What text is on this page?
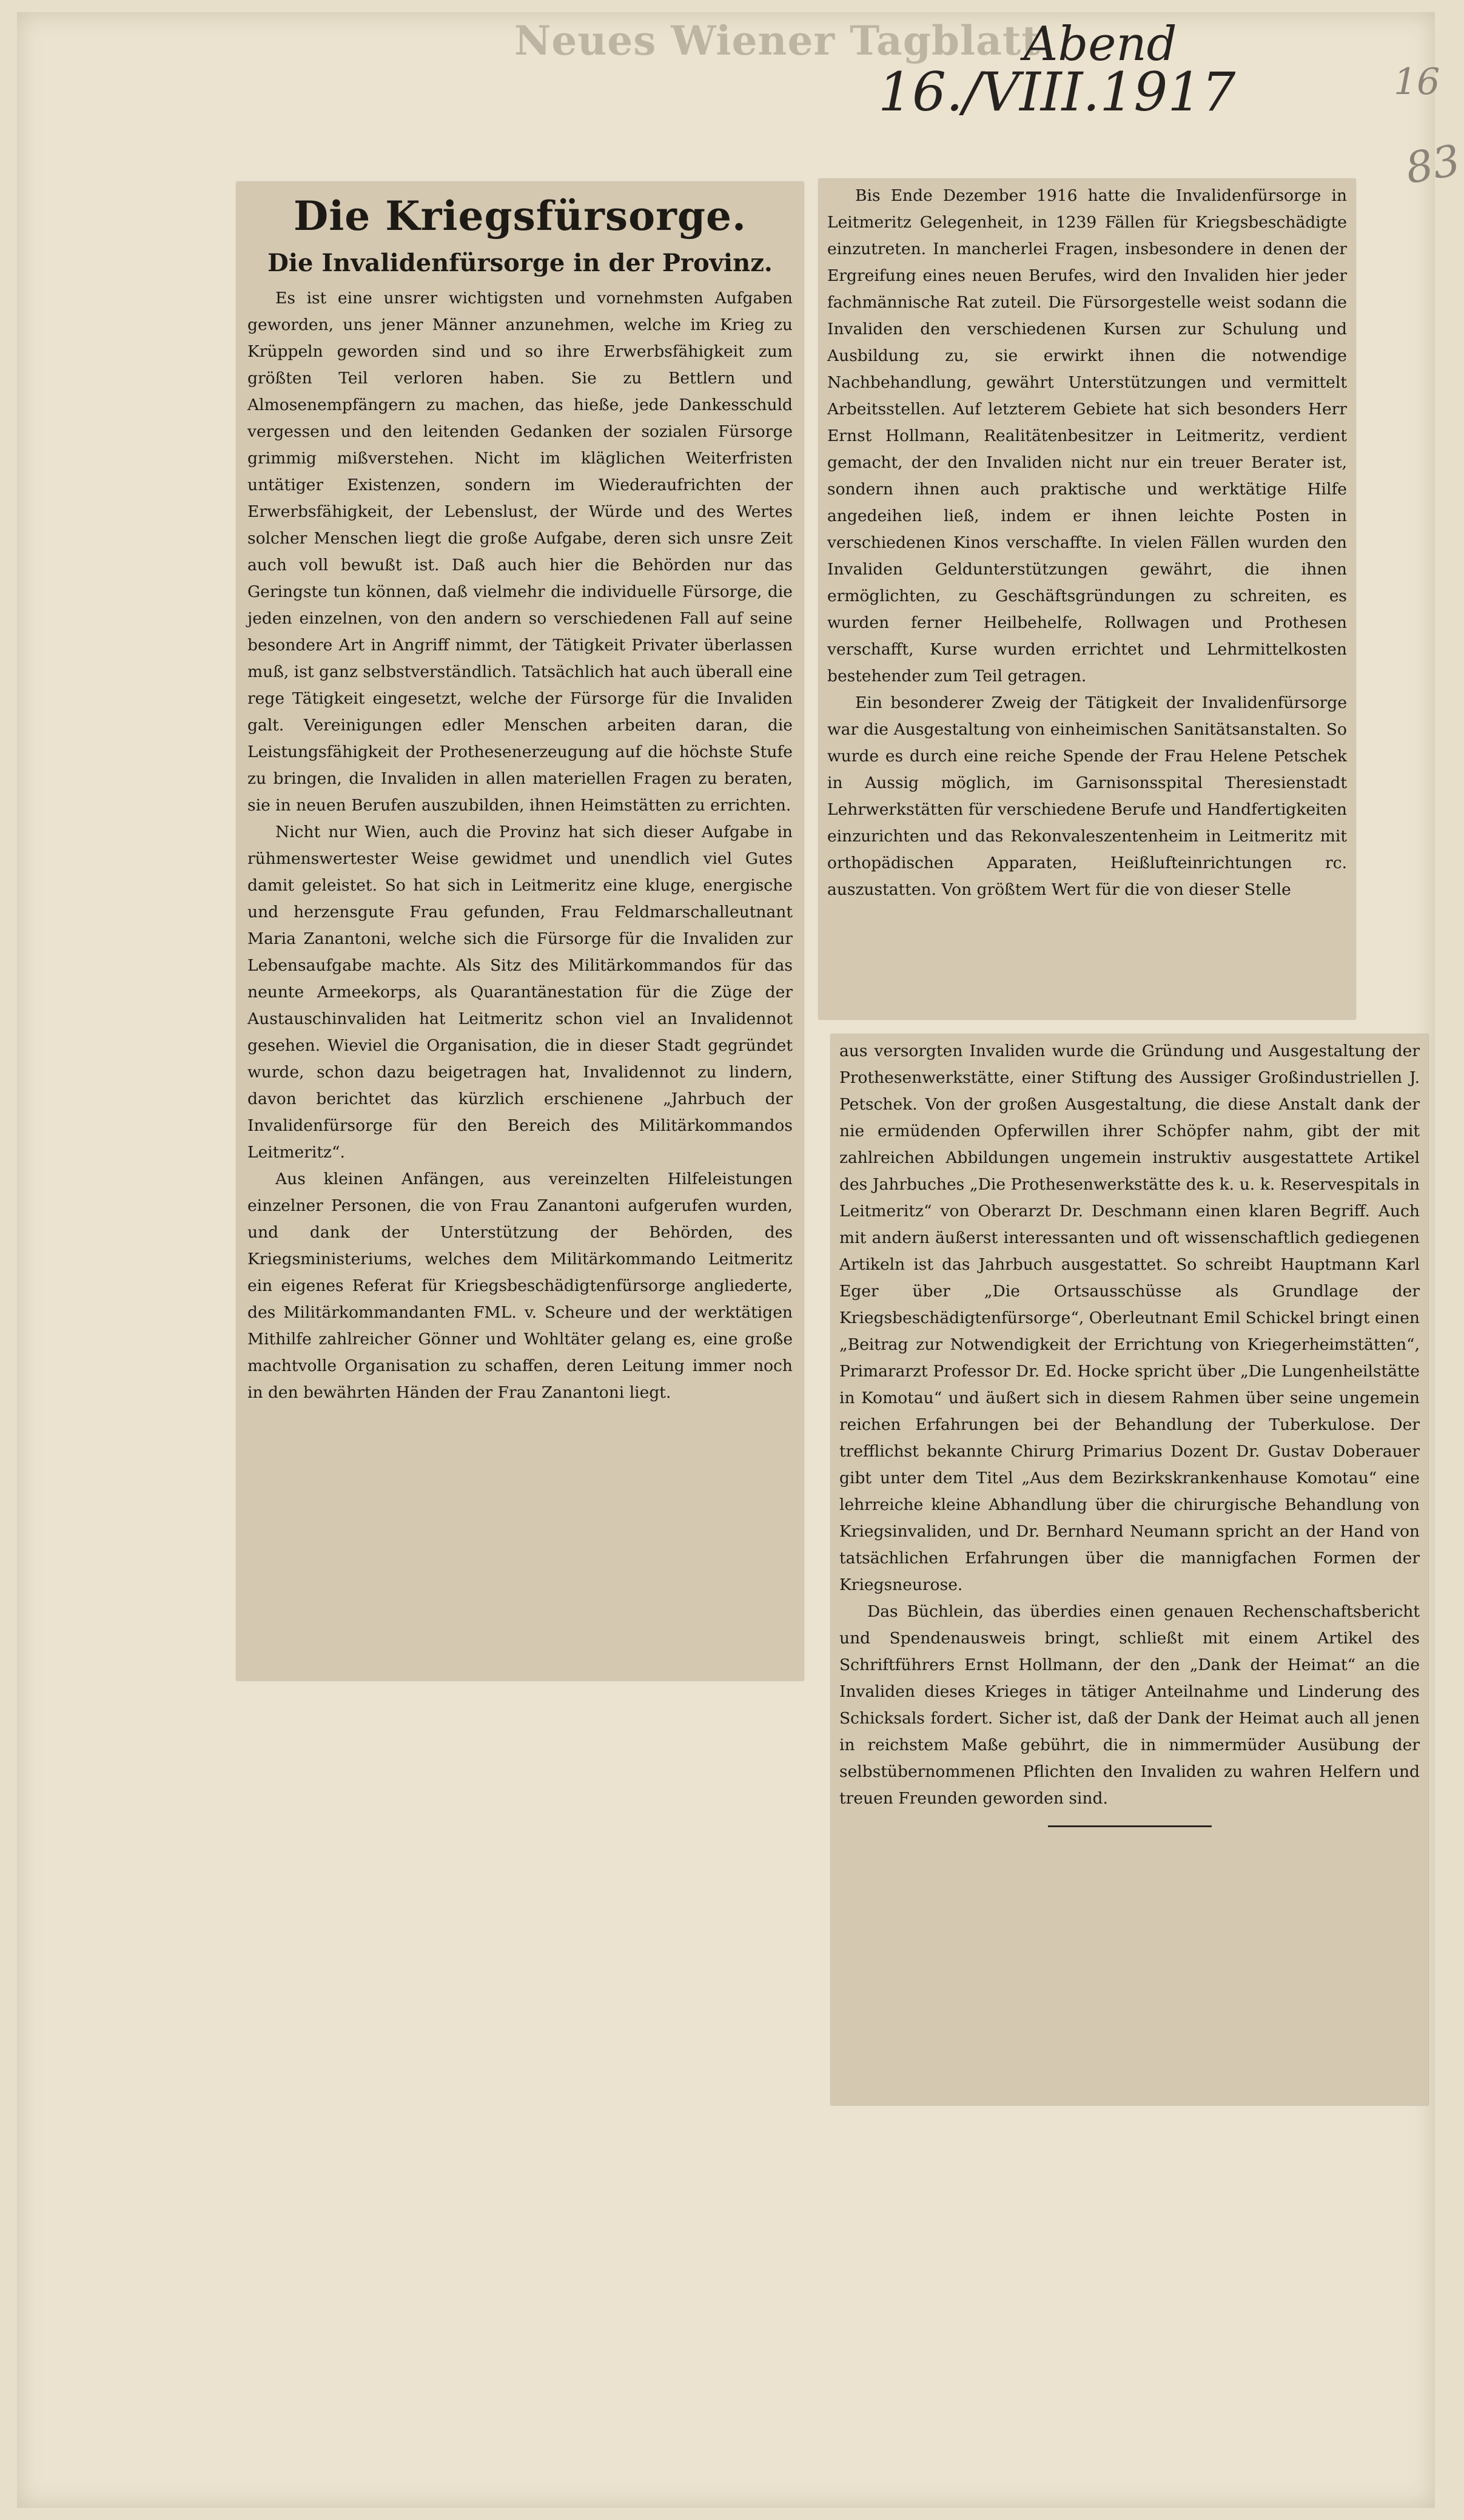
Neues Wiener Tagblatt
Abend
16./VIII.1917	16
83
Die Kriegsfürsorge.
Die Invalidenfürsorge in der Provinz.

Es ist eine unsrer wichtigsten und vornehmsten Aufgaben geworden, uns jener Männer anzunehmen, welche im Krieg zu Krüppeln geworden sind und so ihre Erwerbsfähigkeit zum größten Teil verloren haben. Sie zu Bettlern und Almosenempfängern zu machen, das hieße, jede Dankesschuld vergessen und den leitenden Gedanken der sozialen Fürsorge grimmig mißverstehen. Nicht im kläglichen Weiterfristen untätiger Existenzen, sondern im Wiederaufrichten der Erwerbsfähigkeit, der Lebenslust, der Würde und des Wertes solcher Menschen liegt die große Aufgabe, deren sich unsre Zeit auch voll bewußt ist. Daß auch hier die Behörden nur das Geringste tun können, daß vielmehr die individuelle Fürsorge, die jeden einzelnen, von den andern so verschiedenen Fall auf seine besondere Art in Angriff nimmt, der Tätigkeit Privater überlassen muß, ist ganz selbstverständlich. Tatsächlich hat auch überall eine rege Tätigkeit eingesetzt, welche der Fürsorge für die Invaliden galt. Vereinigungen edler Menschen arbeiten daran, die Leistungsfähigkeit der Prothesenerzeugung auf die höchste Stufe zu bringen, die Invaliden in allen materiellen Fragen zu beraten, sie in neuen Berufen auszubilden, ihnen Heimstätten zu errichten.

Nicht nur Wien, auch die Provinz hat sich dieser Aufgabe in rühmenswertester Weise gewidmet und unendlich viel Gutes damit geleistet. So hat sich in Leitmeritz eine kluge, energische und herzensgute Frau gefunden, Frau Feldmarschalleutnant Maria Zanantoni, welche sich die Fürsorge für die Invaliden zur Lebensaufgabe machte. Als Sitz des Militärkommandos für das neunte Armeekorps, als Quarantänestation für die Züge der Austauschinvaliden hat Leitmeritz schon viel an Invalidennot gesehen. Wieviel die Organisation, die in dieser Stadt gegründet wurde, schon dazu beigetragen hat, Invalidennot zu lindern, davon berichtet das kürzlich erschienene „Jahrbuch der Invalidenfürsorge für den Bereich des Militärkommandos Leitmeritz“.

Aus kleinen Anfängen, aus vereinzelten Hilfeleistungen einzelner Personen, die von Frau Zanantoni aufgerufen wurden, und dank der Unterstützung der Behörden, des Kriegsministeriums, welches dem Militärkommando Leitmeritz ein eigenes Referat für Kriegsbeschädigtenfürsorge angliederte, des Militärkommandanten FML. v. Scheure und der werktätigen Mithilfe zahlreicher Gönner und Wohltäter gelang es, eine große machtvolle Organisation zu schaffen, deren Leitung immer noch in den bewährten Händen der Frau Zanantoni liegt.

Bis Ende Dezember 1916 hatte die Invalidenfürsorge in Leitmeritz Gelegenheit, in 1239 Fällen für Kriegsbeschädigte einzutreten. In mancherlei Fragen, insbesondere in denen der Ergreifung eines neuen Berufes, wird den Invaliden hier jeder fachmännische Rat zuteil. Die Fürsorgestelle weist sodann die Invaliden den verschiedenen Kursen zur Schulung und Ausbildung zu, sie erwirkt ihnen die notwendige Nachbehandlung, gewährt Unterstützungen und vermittelt Arbeitsstellen. Auf letzterem Gebiete hat sich besonders Herr Ernst Hollmann, Realitätenbesitzer in Leitmeritz, verdient gemacht, der den Invaliden nicht nur ein treuer Berater ist, sondern ihnen auch praktische und werktätige Hilfe angedeihen ließ, indem er ihnen leichte Posten in verschiedenen Kinos verschaffte. In vielen Fällen wurden den Invaliden Geldunterstützungen gewährt, die ihnen ermöglichten, zu Geschäftsgründungen zu schreiten, es wurden ferner Heilbehelfe, Rollwagen und Prothesen verschafft, Kurse wurden errichtet und Lehrmittelkosten bestehender zum Teil getragen.

Ein besonderer Zweig der Tätigkeit der Invalidenfürsorge war die Ausgestaltung von einheimischen Sanitätsanstalten. So wurde es durch eine reiche Spende der Frau Helene Petschek in Aussig möglich, im Garnisonsspital Theresienstadt Lehrwerkstätten für verschiedene Berufe und Handfertigkeiten einzurichten und das Rekonvaleszentenheim in Leitmeritz mit orthopädischen Apparaten, Heißlufteinrichtungen rc. auszustatten. Von größtem Wert für die von dieser Stelle

aus versorgten Invaliden wurde die Gründung und Ausgestaltung der Prothesenwerkstätte, einer Stiftung des Aussiger Großindustriellen J. Petschek. Von der großen Ausgestaltung, die diese Anstalt dank der nie ermüdenden Opferwillen ihrer Schöpfer nahm, gibt der mit zahlreichen Abbildungen ungemein instruktiv ausgestattete Artikel des Jahrbuches „Die Prothesenwerkstätte des k. u. k. Reservespitals in Leitmeritz“ von Oberarzt Dr. Deschmann einen klaren Begriff. Auch mit andern äußerst interessanten und oft wissenschaftlich gediegenen Artikeln ist das Jahrbuch ausgestattet. So schreibt Hauptmann Karl Eger über „Die Ortsausschüsse als Grundlage der Kriegsbeschädigtenfürsorge“, Oberleutnant Emil Schickel bringt einen „Beitrag zur Notwendigkeit der Errichtung von Kriegerheimstätten“, Primararzt Professor Dr. Ed. Hocke spricht über „Die Lungenheilstätte in Komotau“ und äußert sich in diesem Rahmen über seine ungemein reichen Erfahrungen bei der Behandlung der Tuberkulose. Der trefflichst bekannte Chirurg Primarius Dozent Dr. Gustav Doberauer gibt unter dem Titel „Aus dem Bezirkskrankenhause Komotau“ eine lehrreiche kleine Abhandlung über die chirurgische Behandlung von Kriegsinvaliden, und Dr. Bernhard Neumann spricht an der Hand von tatsächlichen Erfahrungen über die mannigfachen Formen der Kriegsneurose.

Das Büchlein, das überdies einen genauen Rechenschaftsbericht und Spendenausweis bringt, schließt mit einem Artikel des Schriftführers Ernst Hollmann, der den „Dank der Heimat“ an die Invaliden dieses Krieges in tätiger Anteilnahme und Linderung des Schicksals fordert. Sicher ist, daß der Dank der Heimat auch all jenen in reichstem Maße gebührt, die in nimmermüder Ausübung der selbstübernommenen Pflichten den Invaliden zu wahren Helfern und treuen Freunden geworden sind.
